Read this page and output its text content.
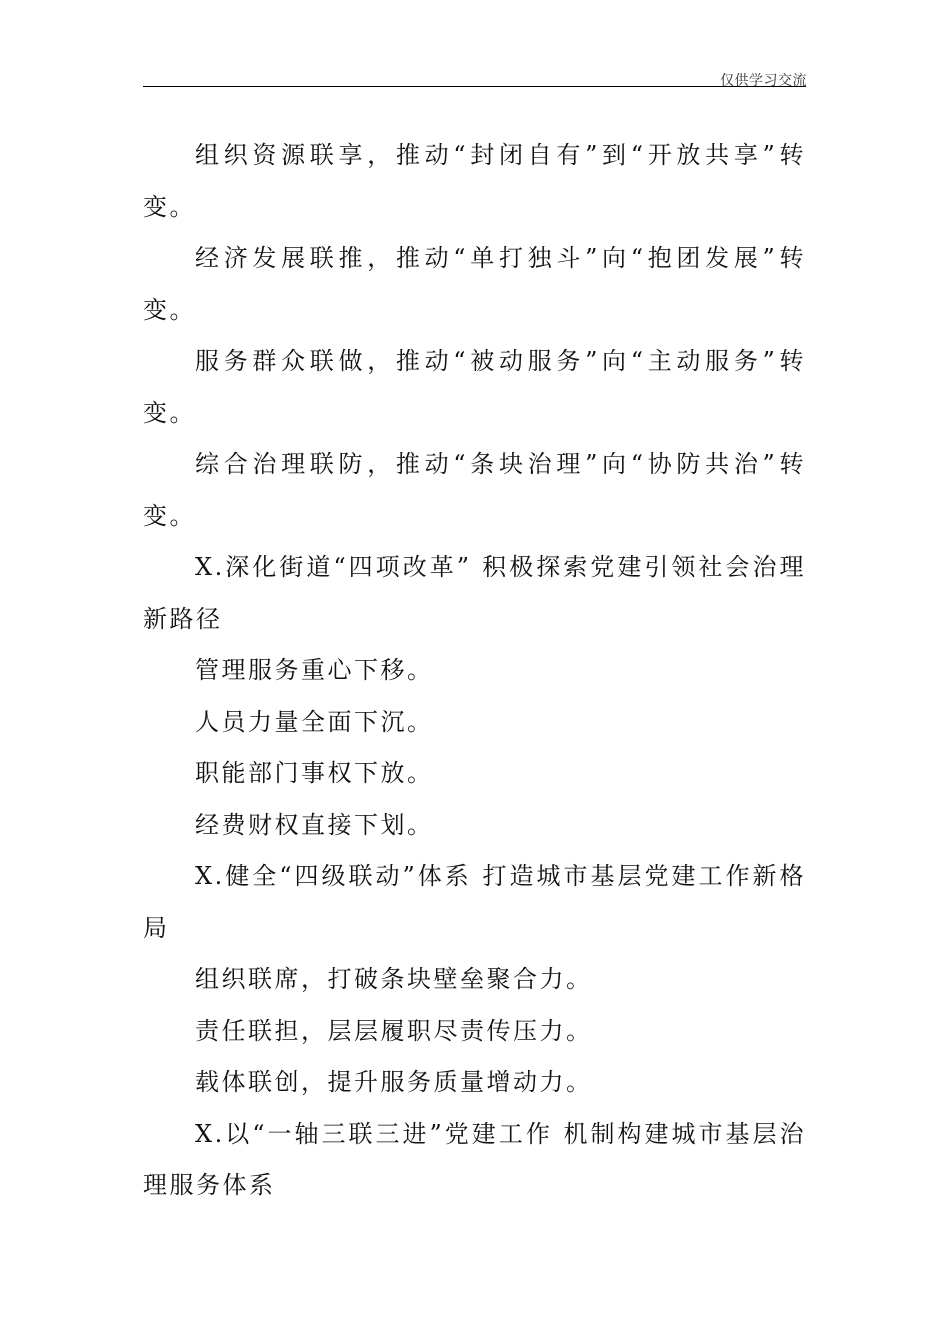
仅供学习交流

组织资源联享，推动“封闭自有”到“开放共享”转变。

经济发展联推，推动“单打独斗”向“抱团发展”转变。

服务群众联做，推动“被动服务”向“主动服务”转变。

综合治理联防，推动“条块治理”向“协防共治”转变。

X.深化街道“四项改革” 积极探索党建引领社会治理新路径

管理服务重心下移。

人员力量全面下沉。

职能部门事权下放。

经费财权直接下划。

X.健全“四级联动”体系 打造城市基层党建工作新格局

组织联席，打破条块壁垒聚合力。

责任联担，层层履职尽责传压力。

载体联创，提升服务质量增动力。

X.以“一轴三联三进”党建工作 机制构建城市基层治理服务体系
